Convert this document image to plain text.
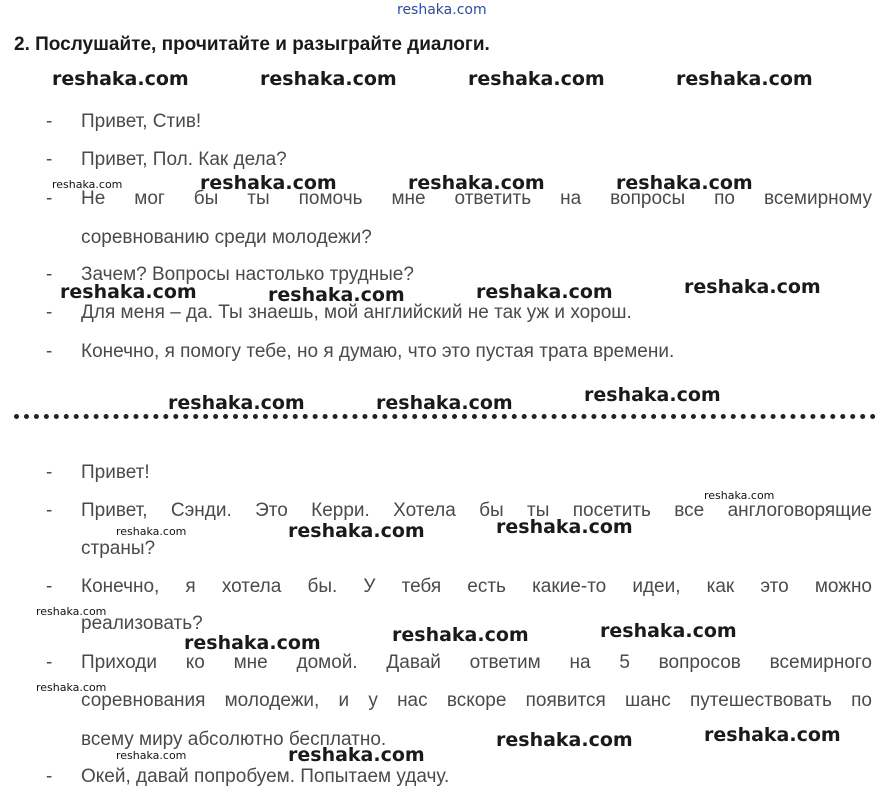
reshaka.com
2. Послушайте, прочитайте и разыграйте диалоги.
- Привет, Стив!
- Привет, Пол. Как дела?
- Не мог бы ты помочь мне ответить на вопросы по всемирному
соревнованию среди молодежи?
- Зачем? Вопросы настолько трудные?
- Для меня – да. Ты знаешь, мой английский не так уж и хорош.
- Конечно, я помогу тебе, но я думаю, что это пустая трата времени.
- Привет!
- Привет, Сэнди. Это Керри. Хотела бы ты посетить все англоговорящие
страны?
- Конечно, я хотела бы. У тебя есть какие-то идеи, как это можно
реализовать?
- Приходи ко мне домой. Давай ответим на 5 вопросов всемирного
соревнования молодежи, и у нас вскоре появится шанс путешествовать по
всему миру абсолютно бесплатно.
- Окей, давай попробуем. Попытаем удачу.
reshaka.com	reshaka.com	reshaka.com	reshaka.com
reshaka.com	reshaka.com	reshaka.com
reshaka.com	reshaka.com	reshaka.com	reshaka.com
reshaka.com	reshaka.com	reshaka.com
reshaka.com	reshaka.com
reshaka.com	reshaka.com	reshaka.com
reshaka.com
reshaka.com	reshaka.com
reshaka.com
reshaka.com
reshaka.com
reshaka.com
reshaka.com
reshaka.com
